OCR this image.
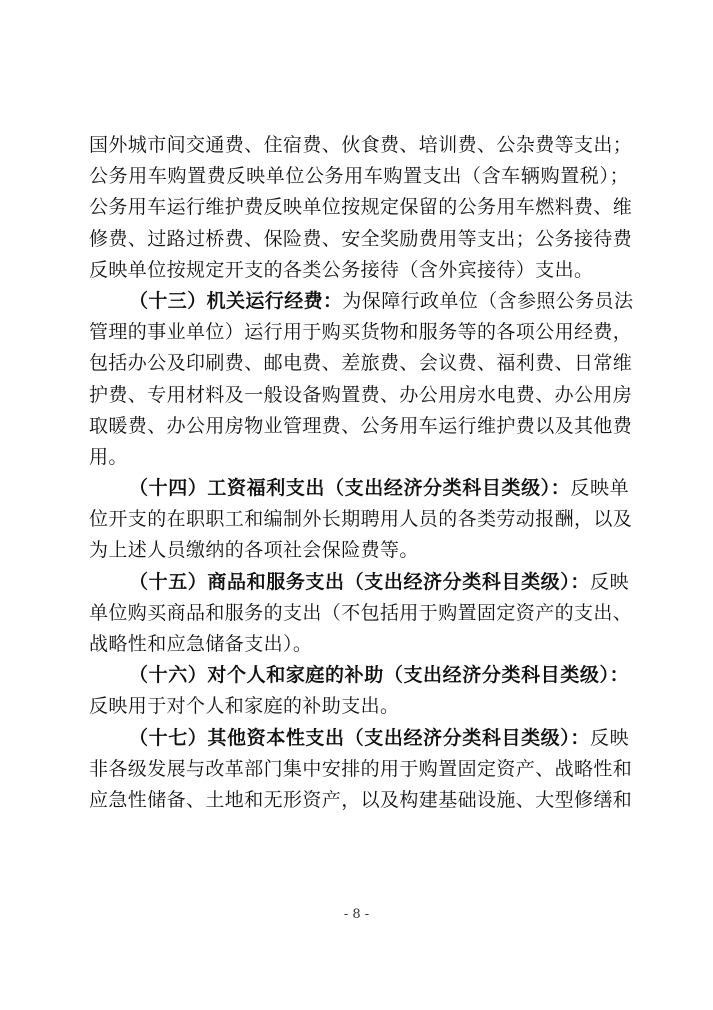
国外城市间交通费、住宿费、伙食费、培训费、公杂费等支出；
公务用车购置费反映单位公务用车购置支出（含车辆购置税）；
公务用车运行维护费反映单位按规定保留的公务用车燃料费、维
修费、过路过桥费、保险费、安全奖励费用等支出；公务接待费
反映单位按规定开支的各类公务接待（含外宾接待）支出。
（十三）机关运行经费：为保障行政单位（含参照公务员法
管理的事业单位）运行用于购买货物和服务等的各项公用经费，
包括办公及印刷费、邮电费、差旅费、会议费、福利费、日常维
护费、专用材料及一般设备购置费、办公用房水电费、办公用房
取暖费、办公用房物业管理费、公务用车运行维护费以及其他费
用。
（十四）工资福利支出（支出经济分类科目类级）：反映单
位开支的在职职工和编制外长期聘用人员的各类劳动报酬，以及
为上述人员缴纳的各项社会保险费等。
（十五）商品和服务支出（支出经济分类科目类级）：反映
单位购买商品和服务的支出（不包括用于购置固定资产的支出、
战略性和应急储备支出）。
（十六）对个人和家庭的补助（支出经济分类科目类级）：
反映用于对个人和家庭的补助支出。
（十七）其他资本性支出（支出经济分类科目类级）：反映
非各级发展与改革部门集中安排的用于购置固定资产、战略性和
应急性储备、土地和无形资产，以及构建基础设施、大型修缮和
- 8 -
